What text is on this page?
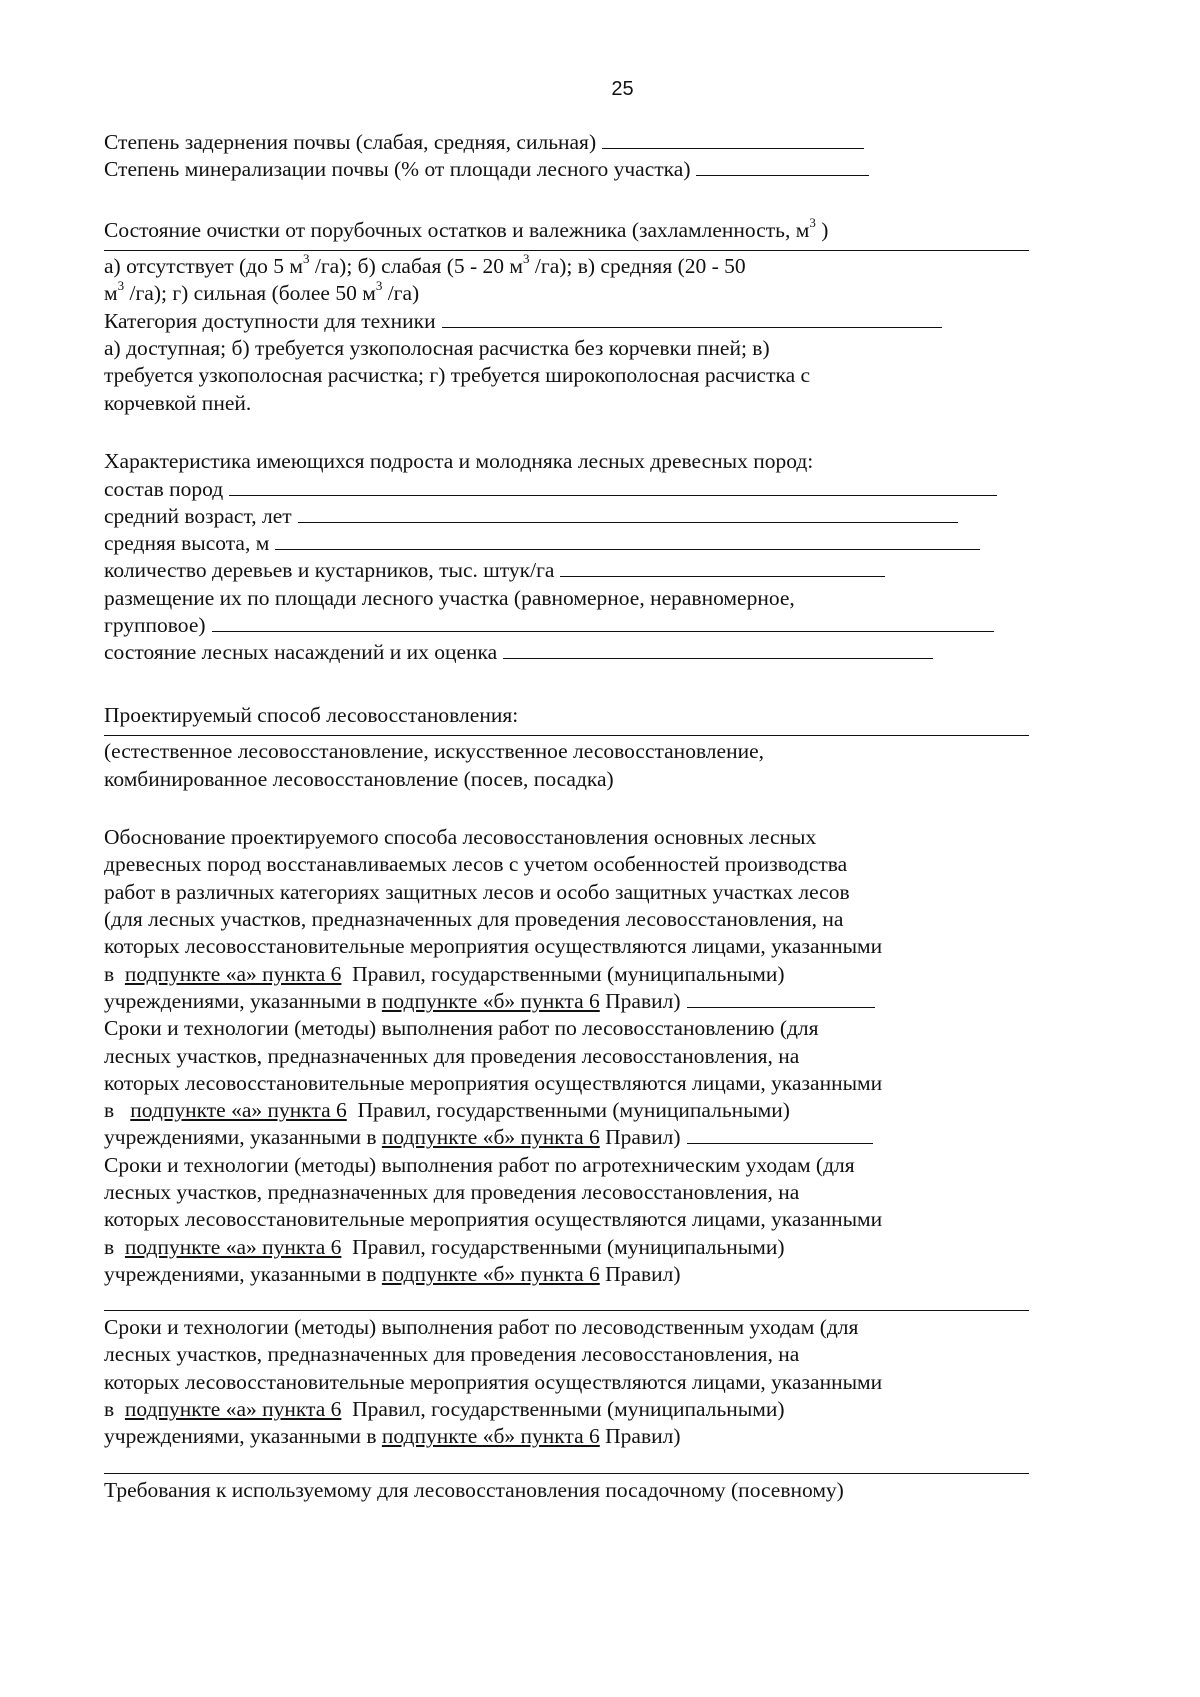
25
Степень задернения почвы (слабая, средняя, сильная)
Степень минерализации почвы (% от площади лесного участка)
Состояние очистки от порубочных остатков и валежника (захламленность, $м^3$ )
а) отсутствует (до 5 $м^3$ /га); б) слабая (5 - 20 $м^3$ /га); в) средняя (20 - 50
$м^3$ /га); г) сильная (более 50 $м^3$ /га)
Категория доступности для техники
а) доступная; б) требуется узкополосная расчистка без корчевки пней; в)
требуется узкополосная расчистка; г) требуется широкополосная расчистка с
корчевкой пней.
Характеристика имеющихся подроста и молодняка лесных древесных пород:
состав пород
средний возраст, лет
средняя высота, м
количество деревьев и кустарников, тыс. штук/га
размещение их по площади лесного участка (равномерное, неравномерное,
групповое)
состояние лесных насаждений и их оценка
Проектируемый способ лесовосстановления:
(естественное лесовосстановление, искусственное лесовосстановление,
комбинированное лесовосстановление (посев, посадка)
Обоснование проектируемого способа лесовосстановления основных лесных
древесных пород восстанавливаемых лесов с учетом особенностей производства
работ в различных категориях защитных лесов и особо защитных участках лесов
(для лесных участков, предназначенных для проведения лесовосстановления, на
которых лесовосстановительные мероприятия осуществляются лицами, указанными
в подпункте «а» пункта 6 Правил, государственными (муниципальными)
учреждениями, указанными в подпункте «б» пункта 6 Правил)
Сроки и технологии (методы) выполнения работ по лесовосстановлению (для
лесных участков, предназначенных для проведения лесовосстановления, на
которых лесовосстановительные мероприятия осуществляются лицами, указанными
в подпункте «а» пункта 6 Правил, государственными (муниципальными)
учреждениями, указанными в подпункте «б» пункта 6 Правил)
Сроки и технологии (методы) выполнения работ по агротехническим уходам (для
лесных участков, предназначенных для проведения лесовосстановления, на
которых лесовосстановительные мероприятия осуществляются лицами, указанными
в подпункте «а» пункта 6 Правил, государственными (муниципальными)
учреждениями, указанными в подпункте «б» пункта 6 Правил)
Сроки и технологии (методы) выполнения работ по лесоводственным уходам (для
лесных участков, предназначенных для проведения лесовосстановления, на
которых лесовосстановительные мероприятия осуществляются лицами, указанными
в подпункте «а» пункта 6 Правил, государственными (муниципальными)
учреждениями, указанными в подпункте «б» пункта 6 Правил)
Требования к используемому для лесовосстановления посадочному (посевному)
